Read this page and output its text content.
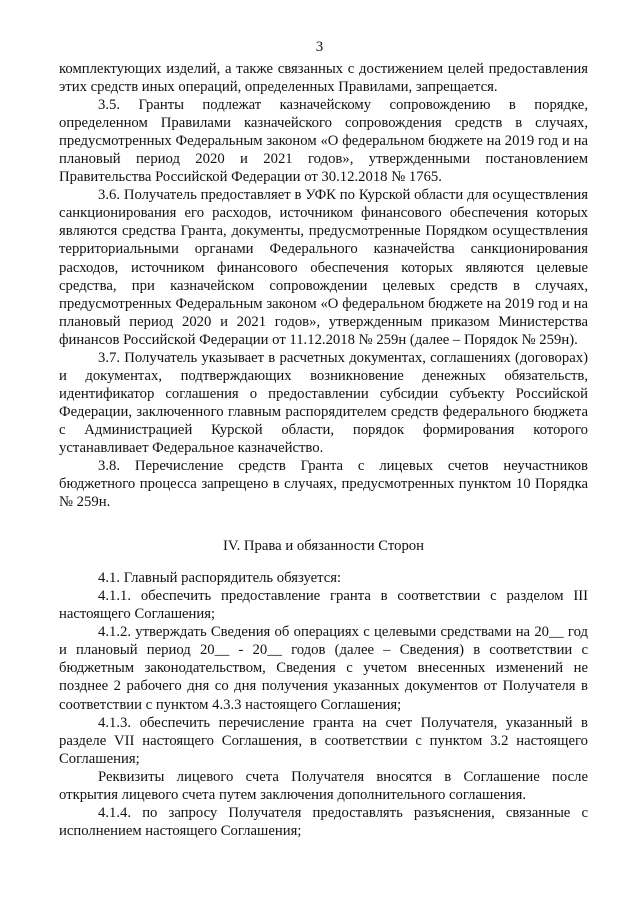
3

комплектующих изделий, а также связанных с достижением целей предоставления этих средств иных операций, определенных Правилами, запрещается.

3.5. Гранты подлежат казначейскому сопровождению в порядке, определенном Правилами казначейского сопровождения средств в случаях, предусмотренных Федеральным законом «О федеральном бюджете на 2019 год и на плановый период 2020 и 2021 годов», утвержденными постановлением Правительства Российской Федерации от 30.12.2018 № 1765.

3.6. Получатель предоставляет в УФК по Курской области для осуществления санкционирования его расходов, источником финансового обеспечения которых являются средства Гранта, документы, предусмотренные Порядком осуществления территориальными органами Федерального казначейства санкционирования расходов, источником финансового обеспечения которых являются целевые средства, при казначейском сопровождении целевых средств в случаях, предусмотренных Федеральным законом «О федеральном бюджете на 2019 год и на плановый период 2020 и 2021 годов», утвержденным приказом Министерства финансов Российской Федерации от 11.12.2018 № 259н (далее – Порядок № 259н).

3.7. Получатель указывает в расчетных документах, соглашениях (договорах) и документах, подтверждающих возникновение денежных обязательств, идентификатор соглашения о предоставлении субсидии субъекту Российской Федерации, заключенного главным распорядителем средств федерального бюджета с Администрацией Курской области, порядок формирования которого устанавливает Федеральное казначейство.

3.8. Перечисление средств Гранта с лицевых счетов неучастников бюджетного процесса запрещено в случаях, предусмотренных пунктом 10 Порядка № 259н.

IV. Права и обязанности Сторон

4.1. Главный распорядитель обязуется:

4.1.1. обеспечить предоставление гранта в соответствии с разделом III настоящего Соглашения;

4.1.2. утверждать Сведения об операциях с целевыми средствами на 20__ год и плановый период 20__ - 20__ годов (далее – Сведения) в соответствии с бюджетным законодательством, Сведения с учетом внесенных изменений не позднее 2 рабочего дня со дня получения указанных документов от Получателя в соответствии с пунктом 4.3.3 настоящего Соглашения;

4.1.3. обеспечить перечисление гранта на счет Получателя, указанный в разделе VII настоящего Соглашения, в соответствии с пунктом 3.2 настоящего Соглашения;

Реквизиты лицевого счета Получателя вносятся в Соглашение после открытия лицевого счета путем заключения дополнительного соглашения.

4.1.4. по запросу Получателя предоставлять разъяснения, связанные с исполнением настоящего Соглашения;
